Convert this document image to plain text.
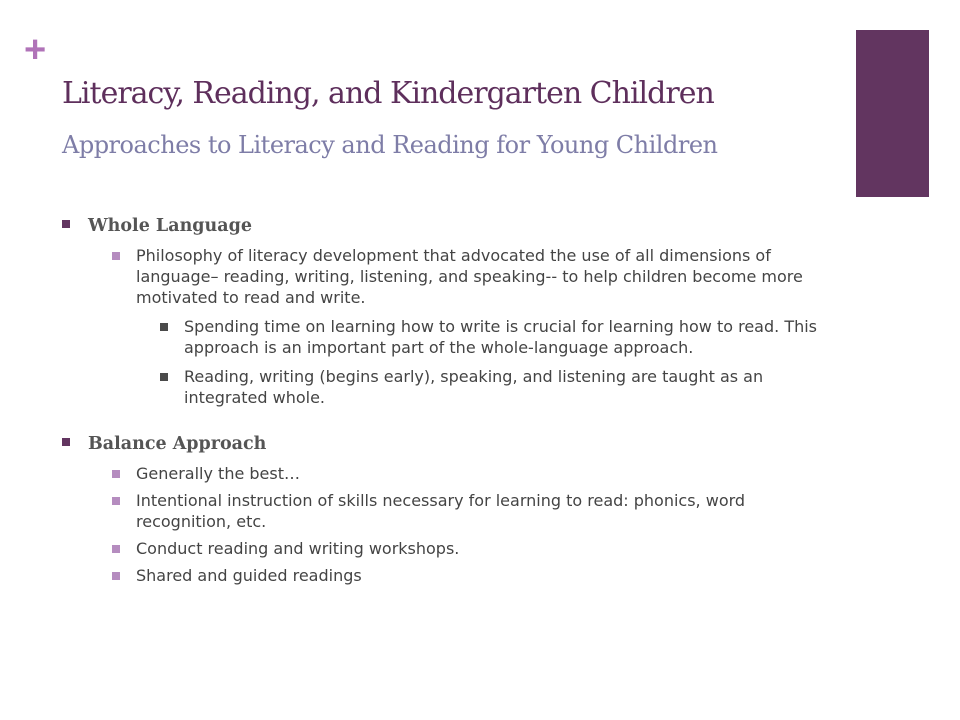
+
Literacy, Reading, and Kindergarten Children
Approaches to Literacy and Reading for Young Children
Whole Language
Philosophy of literacy development that advocated the use of all dimensions of language– reading, writing, listening, and speaking-- to help children become more motivated to read and write.
Spending time on learning how to write is crucial for learning how to read. This approach is an important part of the whole-language approach.
Reading, writing (begins early), speaking, and listening are taught as an integrated whole.
Balance Approach
Generally the best…
Intentional instruction of skills necessary for learning to read: phonics, word recognition, etc.
Conduct reading and writing workshops.
Shared and guided readings
